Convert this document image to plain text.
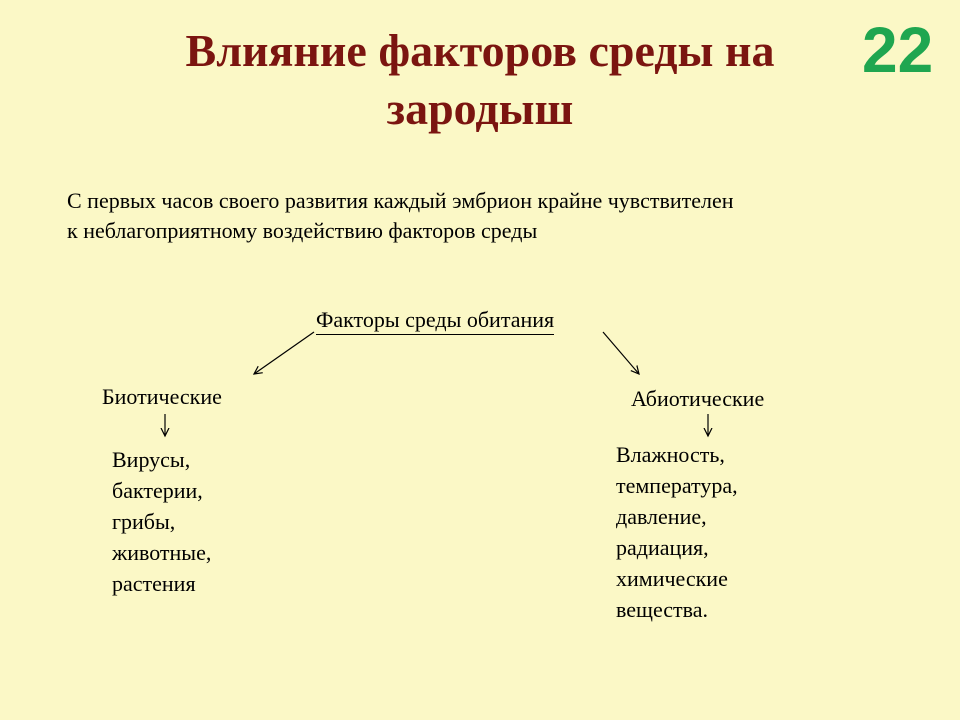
Влияние факторов среды на
зародыш
22
С первых часов своего развития каждый эмбрион крайне чувствителен
к неблагоприятному воздействию факторов среды
Факторы среды обитания
Биотические	Абиотические
Вирусы,
бактерии,
грибы,
животные,
растения
Влажность,
температура,
давление,
радиация,
химические
вещества.
